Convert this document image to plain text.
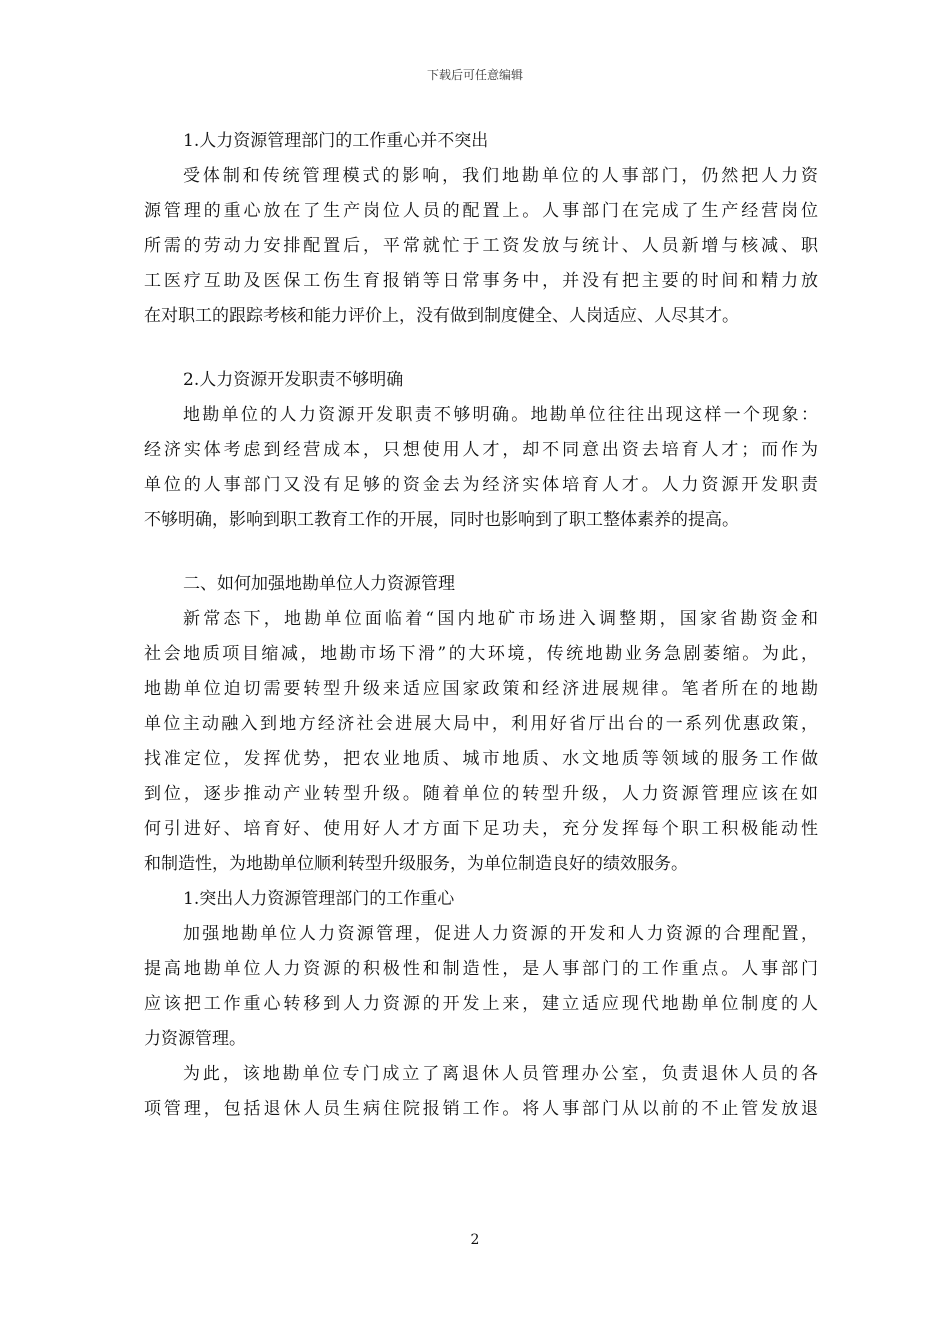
下载后可任意编辑
1.人力资源管理部门的工作重心并不突出
受体制和传统管理模式的影响，我们地勘单位的人事部门，仍然把人力资
源管理的重心放在了生产岗位人员的配置上。人事部门在完成了生产经营岗位
所需的劳动力安排配置后，平常就忙于工资发放与统计、人员新增与核减、职
工医疗互助及医保工伤生育报销等日常事务中，并没有把主要的时间和精力放
在对职工的跟踪考核和能力评价上，没有做到制度健全、人岗适应、人尽其才。
2.人力资源开发职责不够明确
地勘单位的人力资源开发职责不够明确。地勘单位往往出现这样一个现象：
经济实体考虑到经营成本，只想使用人才，却不同意出资去培育人才；而作为
单位的人事部门又没有足够的资金去为经济实体培育人才。人力资源开发职责
不够明确，影响到职工教育工作的开展，同时也影响到了职工整体素养的提高。
二、如何加强地勘单位人力资源管理
新常态下，地勘单位面临着“国内地矿市场进入调整期，国家省勘资金和
社会地质项目缩减，地勘市场下滑”的大环境，传统地勘业务急剧萎缩。为此，
地勘单位迫切需要转型升级来适应国家政策和经济进展规律。笔者所在的地勘
单位主动融入到地方经济社会进展大局中，利用好省厅出台的一系列优惠政策，
找准定位，发挥优势，把农业地质、城市地质、水文地质等领域的服务工作做
到位，逐步推动产业转型升级。随着单位的转型升级，人力资源管理应该在如
何引进好、培育好、使用好人才方面下足功夫，充分发挥每个职工积极能动性
和制造性，为地勘单位顺利转型升级服务，为单位制造良好的绩效服务。
1.突出人力资源管理部门的工作重心
加强地勘单位人力资源管理，促进人力资源的开发和人力资源的合理配置，
提高地勘单位人力资源的积极性和制造性，是人事部门的工作重点。人事部门
应该把工作重心转移到人力资源的开发上来，建立适应现代地勘单位制度的人
力资源管理。
为此，该地勘单位专门成立了离退休人员管理办公室，负责退休人员的各
项管理，包括退休人员生病住院报销工作。将人事部门从以前的不止管发放退
2
